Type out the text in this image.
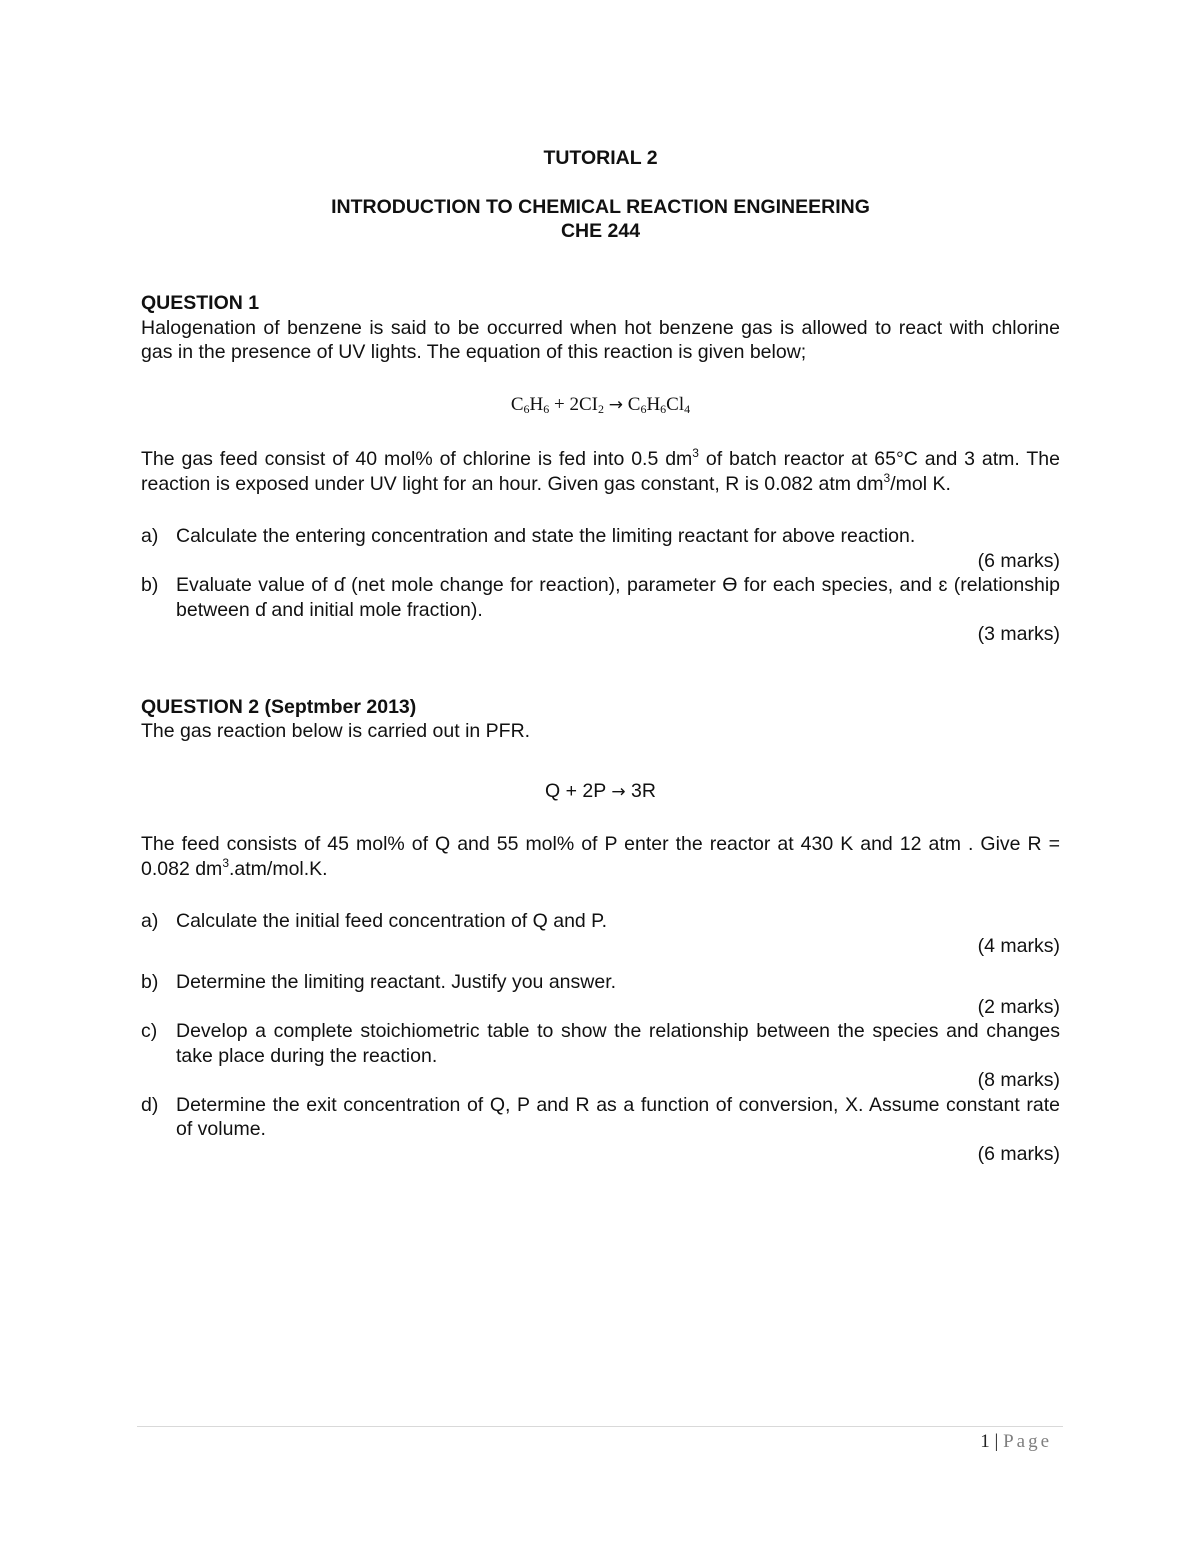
TUTORIAL 2
INTRODUCTION TO CHEMICAL REACTION ENGINEERING
CHE 244
QUESTION 1

Halogenation of benzene is said to be occurred when hot benzene gas is allowed to react with chlorine gas in the presence of UV lights. The equation of this reaction is given below;

$C_6H_6 + 2CI_2 \to C_6H_6Cl_4$

The gas feed consist of 40 mol% of chlorine is fed into 0.5 $dm^3$ of batch reactor at 65°C and 3 atm. The reaction is exposed under UV light for an hour. Given gas constant, R is 0.082 atm $dm^3$/mol K.

a) Calculate the entering concentration and state the limiting reactant for above reaction.
(6 marks)
b) Evaluate value of ɗ (net mole change for reaction), parameter Ɵ for each species, and ɛ (relationship between ɗ and initial mole fraction).
(3 marks)
QUESTION 2 (Septmber 2013)
The gas reaction below is carried out in PFR.
Q + 2P → 3R

The feed consists of 45 mol% of Q and 55 mol% of P enter the reactor at 430 K and 12 atm . Give R = 0.082 $dm^3.atm/mol.K$.

a) Calculate the initial feed concentration of Q and P.
(4 marks)
b) Determine the limiting reactant. Justify you answer.
(2 marks)
c) Develop a complete stoichiometric table to show the relationship between the species and changes take place during the reaction.
(8 marks)
d) Determine the exit concentration of Q, P and R as a function of conversion, X. Assume constant rate of volume.
(6 marks)
1 | Page
